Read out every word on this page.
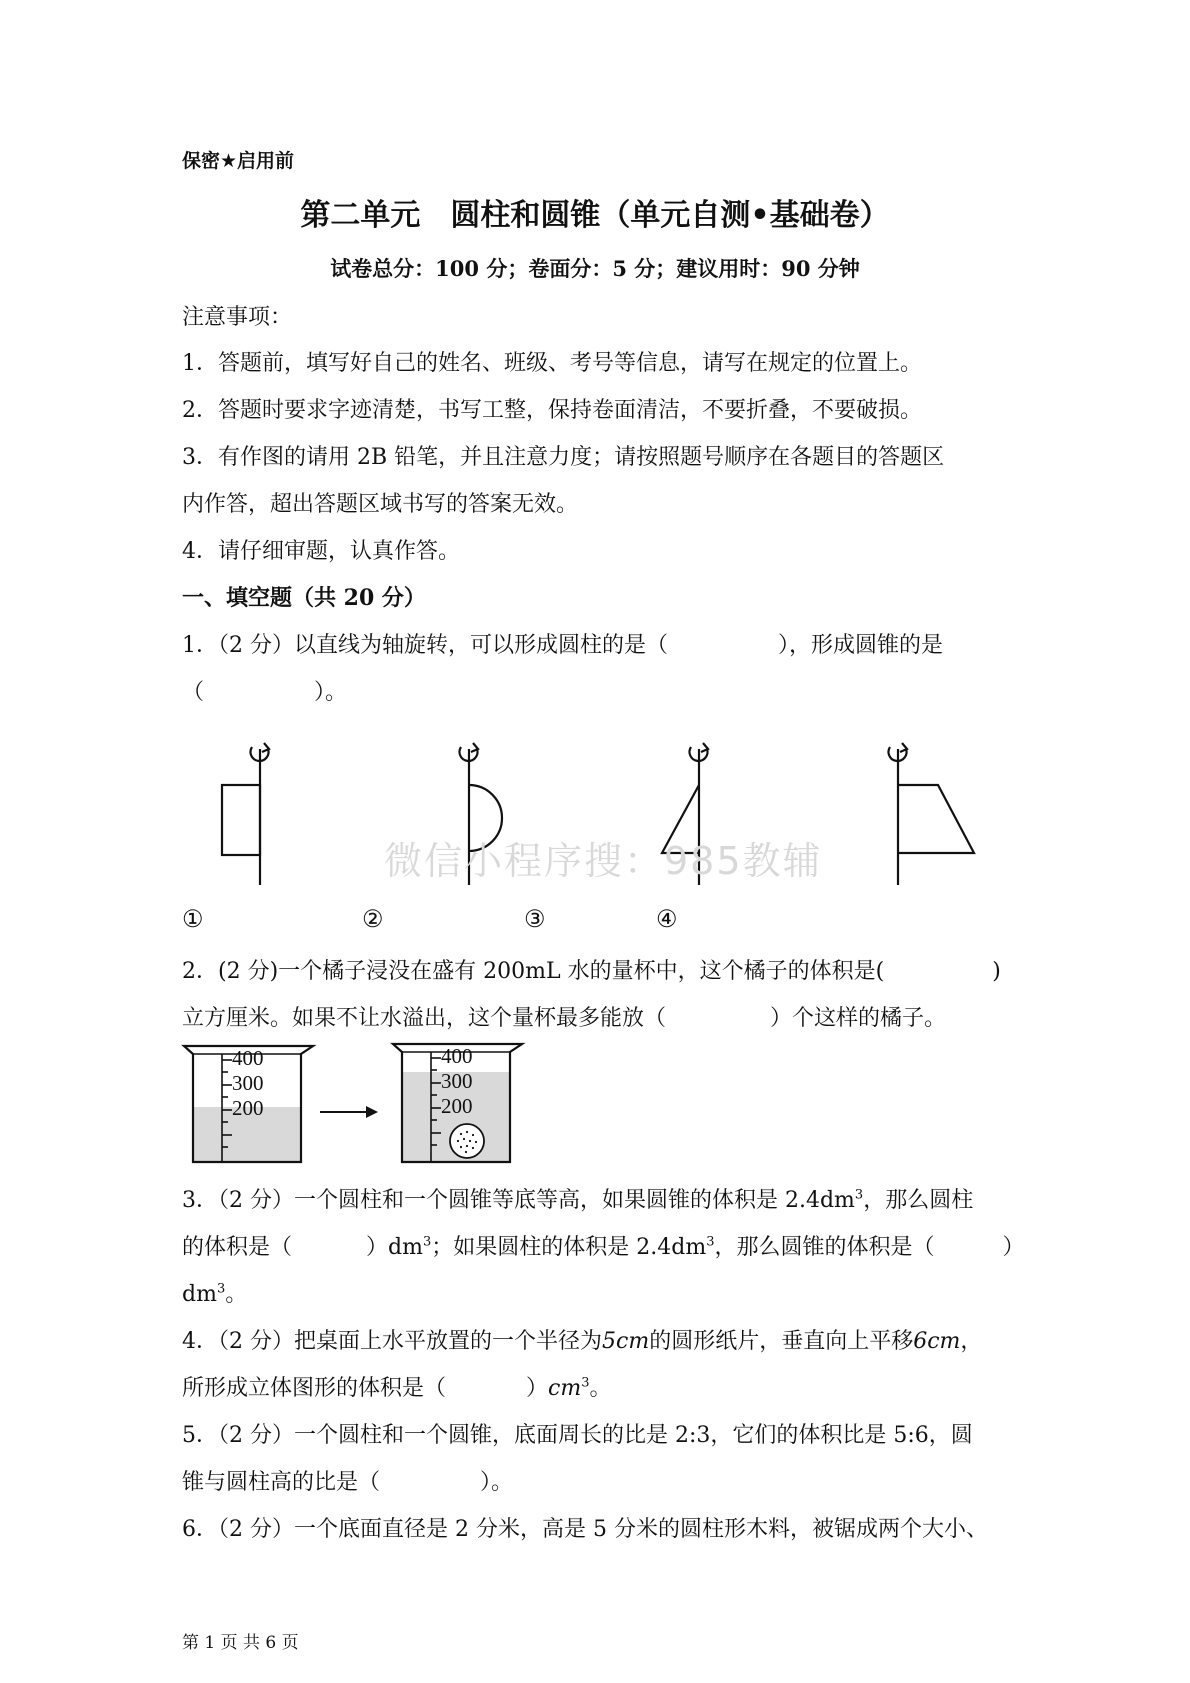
保密★启用前
第二单元　圆柱和圆锥（单元自测•基础卷）
试卷总分：100 分；卷面分：5 分；建议用时：90 分钟
注意事项：
1．答题前，填写好自己的姓名、班级、考号等信息，请写在规定的位置上。
2．答题时要求字迹清楚，书写工整，保持卷面清洁，不要折叠，不要破损。
3．有作图的请用 2B 铅笔，并且注意力度；请按照题号顺序在各题目的答题区
内作答，超出答题区域书写的答案无效。
4．请仔细审题，认真作答。
一、填空题（共 20 分）
1．（2 分）以直线为轴旋转，可以形成圆柱的是（	），形成圆锥的是
（	）。
①	②	③	④
微信小程序搜：985教辅
2．(2 分)一个橘子浸没在盛有 200mL 水的量杯中，这个橘子的体积是(	)
立方厘米。如果不让水溢出，这个量杯最多能放（	）个这样的橘子。
400
300
200
400
300
200
3．（2 分）一个圆柱和一个圆锥等底等高，如果圆锥的体积是 $2.4dm^3$，那么圆柱
的体积是（	）$dm^3$；如果圆柱的体积是 $2.4dm^3$，那么圆锥的体积是（	）
$dm^3$。
4．（2 分）把桌面上水平放置的一个半径为5cm的圆形纸片，垂直向上平移6cm，
所形成立体图形的体积是（	）$cm^3$。
5．（2 分）一个圆柱和一个圆锥，底面周长的比是 2:3，它们的体积比是 5:6，圆
锥与圆柱高的比是（	）。
6．（2 分）一个底面直径是 2 分米，高是 5 分米的圆柱形木料，被锯成两个大小、
第 1 页 共 6 页
